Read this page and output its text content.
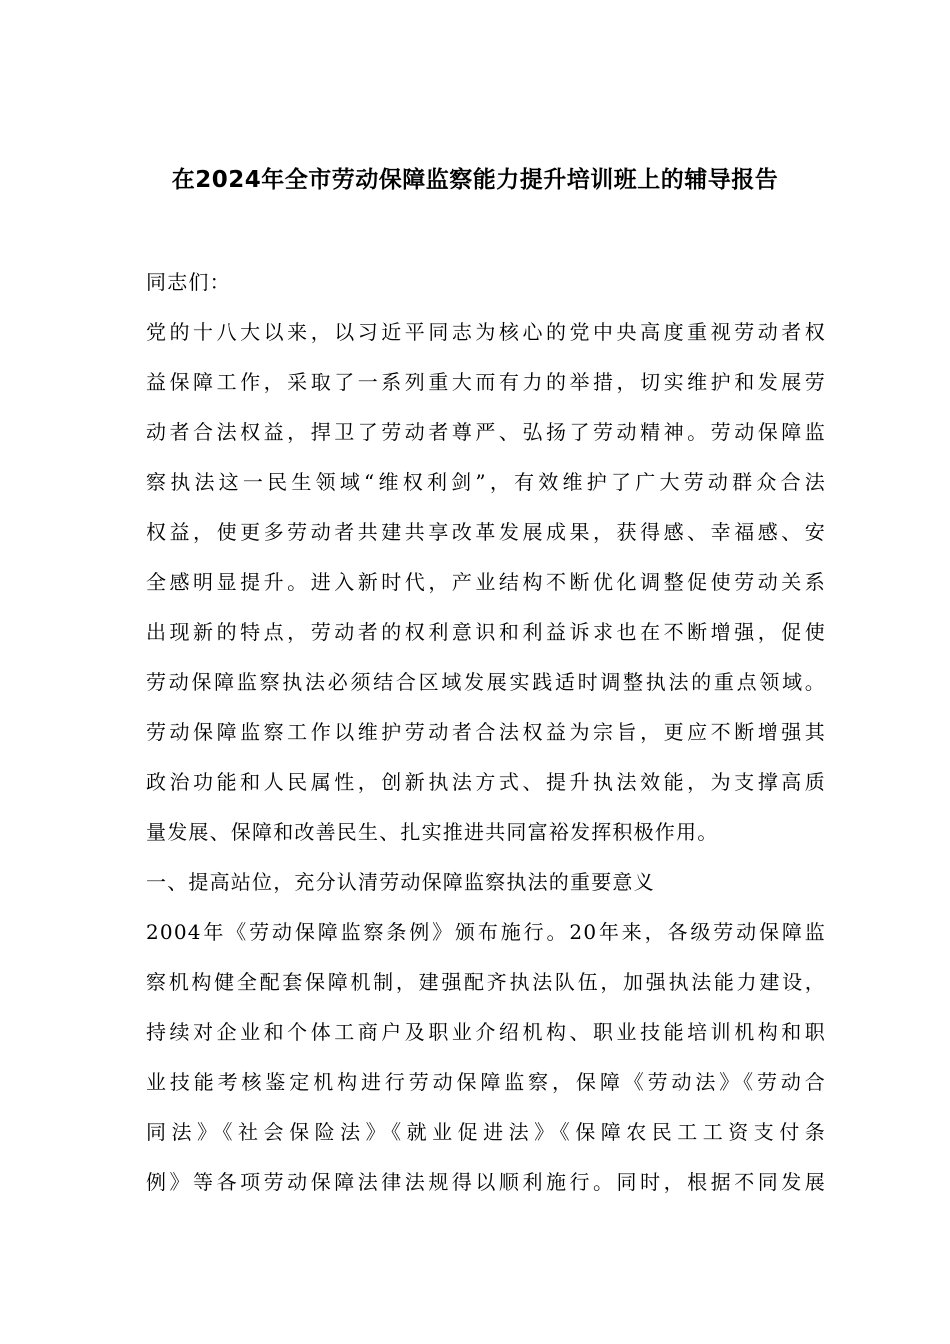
在2024年全市劳动保障监察能力提升培训班上的辅导报告
同志们：
党的十八大以来，以习近平同志为核心的党中央高度重视劳动者权
益保障工作，采取了一系列重大而有力的举措，切实维护和发展劳
动者合法权益，捍卫了劳动者尊严、弘扬了劳动精神。劳动保障监
察执法这一民生领域“维权利剑”，有效维护了广大劳动群众合法
权益，使更多劳动者共建共享改革发展成果，获得感、幸福感、安
全感明显提升。进入新时代，产业结构不断优化调整促使劳动关系
出现新的特点，劳动者的权利意识和利益诉求也在不断增强，促使
劳动保障监察执法必须结合区域发展实践适时调整执法的重点领域。
劳动保障监察工作以维护劳动者合法权益为宗旨，更应不断增强其
政治功能和人民属性，创新执法方式、提升执法效能，为支撑高质
量发展、保障和改善民生、扎实推进共同富裕发挥积极作用。
一、提高站位，充分认清劳动保障监察执法的重要意义
2004年《劳动保障监察条例》颁布施行。20年来，各级劳动保障监
察机构健全配套保障机制，建强配齐执法队伍，加强执法能力建设，
持续对企业和个体工商户及职业介绍机构、职业技能培训机构和职
业技能考核鉴定机构进行劳动保障监察，保障《劳动法》《劳动合
同法》《社会保险法》《就业促进法》《保障农民工工资支付条
例》等各项劳动保障法律法规得以顺利施行。同时，根据不同发展
